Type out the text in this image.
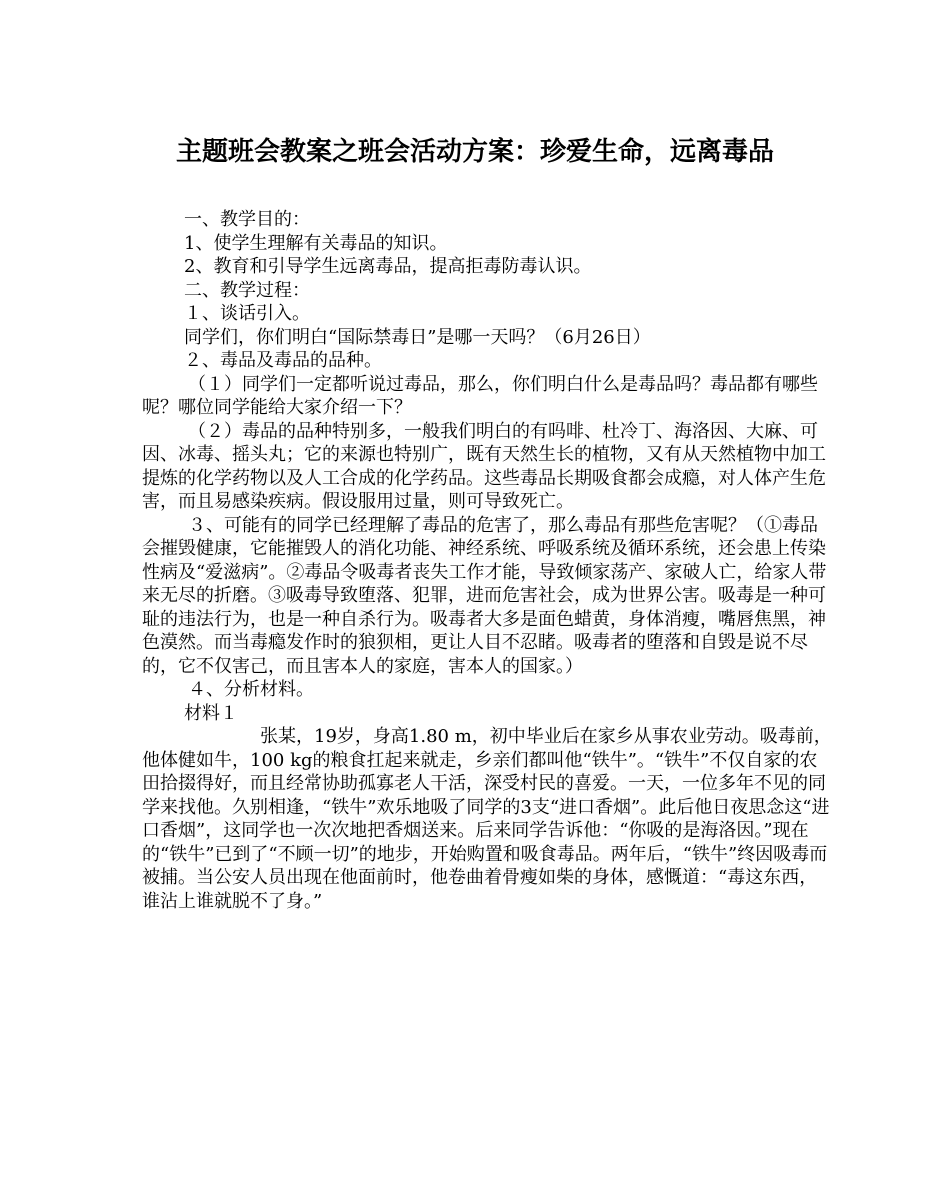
主题班会教案之班会活动方案：珍爱生命，远离毒品

一、教学目的：

1、使学生理解有关毒品的知识。

2、教育和引导学生远离毒品，提高拒毒防毒认识。

二、教学过程：

１、谈话引入。

同学们，你们明白“国际禁毒日”是哪一天吗？（6月26日）

２、毒品及毒品的品种。

（１）同学们一定都听说过毒品，那么，你们明白什么是毒品吗？毒品都有哪些呢？哪位同学能给大家介绍一下？

（２）毒品的品种特别多，一般我们明白的有吗啡、杜冷丁、海洛因、大麻、可因、冰毒、摇头丸；它的来源也特别广，既有天然生长的植物，又有从天然植物中加工提炼的化学药物以及人工合成的化学药品。这些毒品长期吸食都会成瘾，对人体产生危害，而且易感染疾病。假设服用过量，则可导致死亡。

３、可能有的同学已经理解了毒品的危害了，那么毒品有那些危害呢？（①毒品会摧毁健康，它能摧毁人的消化功能、神经系统、呼吸系统及循环系统，还会患上传染性病及“爱滋病”。②毒品令吸毒者丧失工作才能，导致倾家荡产、家破人亡，给家人带来无尽的折磨。③吸毒导致堕落、犯罪，进而危害社会，成为世界公害。吸毒是一种可耻的违法行为，也是一种自杀行为。吸毒者大多是面色蜡黄，身体消瘦，嘴唇焦黑，神色漠然。而当毒瘾发作时的狼狈相，更让人目不忍睹。吸毒者的堕落和自毁是说不尽的，它不仅害己，而且害本人的家庭，害本人的国家。）

４、分析材料。

材料１

张某，19岁，身高1.80 m，初中毕业后在家乡从事农业劳动。吸毒前，他体健如牛，100 kg的粮食扛起来就走，乡亲们都叫他“铁牛”。“铁牛”不仅自家的农田拾掇得好，而且经常协助孤寡老人干活，深受村民的喜爱。一天，一位多年不见的同学来找他。久别相逢，“铁牛”欢乐地吸了同学的3支“进口香烟”。此后他日夜思念这“进口香烟”，这同学也一次次地把香烟送来。后来同学告诉他：“你吸的是海洛因。”现在的“铁牛”已到了“不顾一切”的地步，开始购置和吸食毒品。两年后，“铁牛”终因吸毒而被捕。当公安人员出现在他面前时，他卷曲着骨瘦如柴的身体，感慨道：“毒这东西，谁沾上谁就脱不了身。”
